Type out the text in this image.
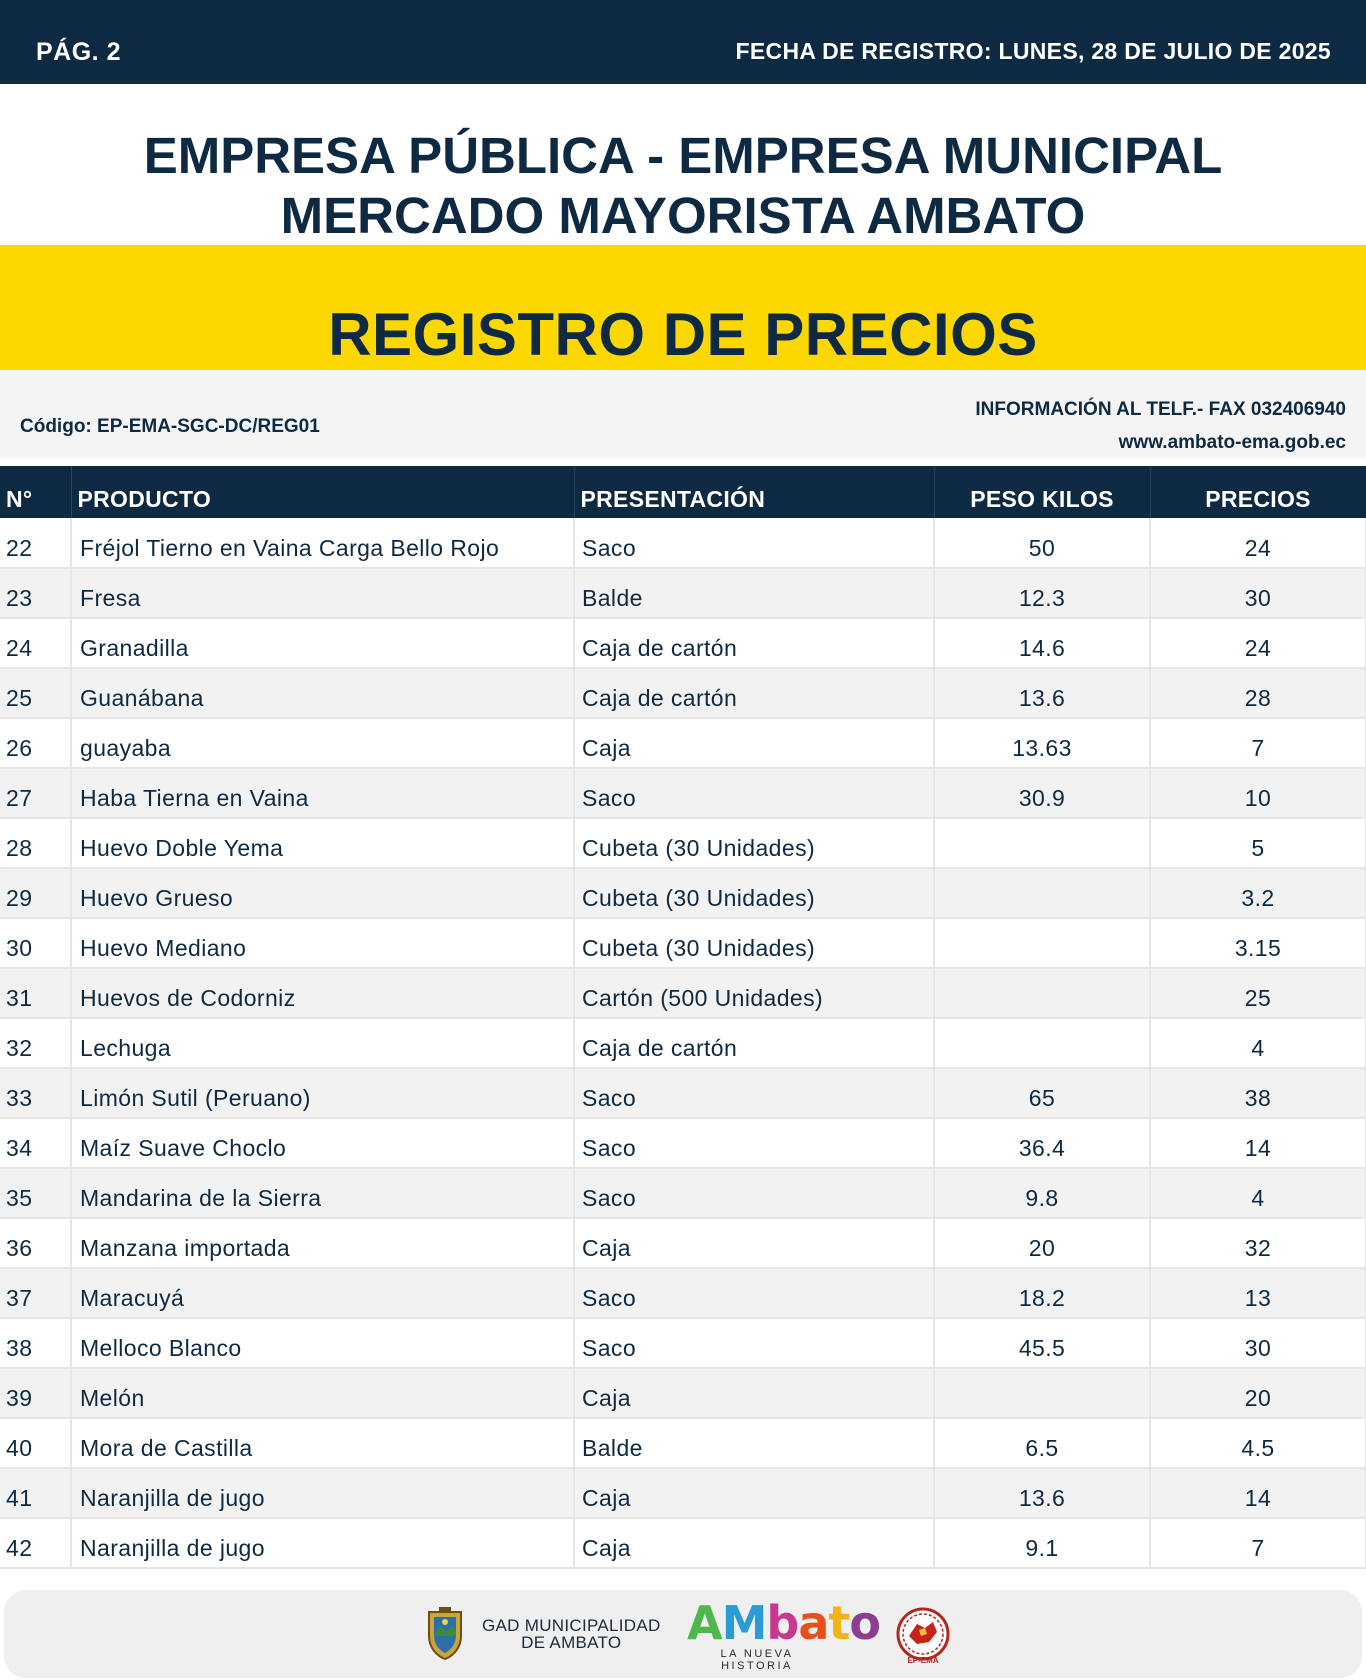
PÁG. 2	FECHA DE REGISTRO: LUNES, 28 DE JULIO DE 2025
EMPRESA PÚBLICA - EMPRESA MUNICIPAL
MERCADO MAYORISTA AMBATO
REGISTRO DE PRECIOS
Código: EP-EMA-SGC-DC/REG01
INFORMACIÓN AL TELF.- FAX 032406940
www.ambato-ema.gob.ec
N°	PRODUCTO	PRESENTACIÓN	PESO KILOS	PRECIOS
22	Fréjol Tierno en Vaina Carga Bello Rojo	Saco	50	24
23	Fresa	Balde	12.3	30
24	Granadilla	Caja de cartón	14.6	24
25	Guanábana	Caja de cartón	13.6	28
26	guayaba	Caja	13.63	7
27	Haba Tierna en Vaina	Saco	30.9	10
28	Huevo Doble Yema	Cubeta (30 Unidades)		5
29	Huevo Grueso	Cubeta (30 Unidades)		3.2
30	Huevo Mediano	Cubeta (30 Unidades)		3.15
31	Huevos de Codorniz	Cartón (500 Unidades)		25
32	Lechuga	Caja de cartón		4
33	Limón Sutil (Peruano)	Saco	65	38
34	Maíz Suave Choclo	Saco	36.4	14
35	Mandarina de la Sierra	Saco	9.8	4
36	Manzana importada	Caja	20	32
37	Maracuyá	Saco	18.2	13
38	Melloco Blanco	Saco	45.5	30
39	Melón	Caja		20
40	Mora de Castilla	Balde	6.5	4.5
41	Naranjilla de jugo	Caja	13.6	14
42	Naranjilla de jugo	Caja	9.1	7
GAD MUNICIPALIDAD
DE AMBATO	AMbato
LA NUEVA HISTORIA	EP-EMA
